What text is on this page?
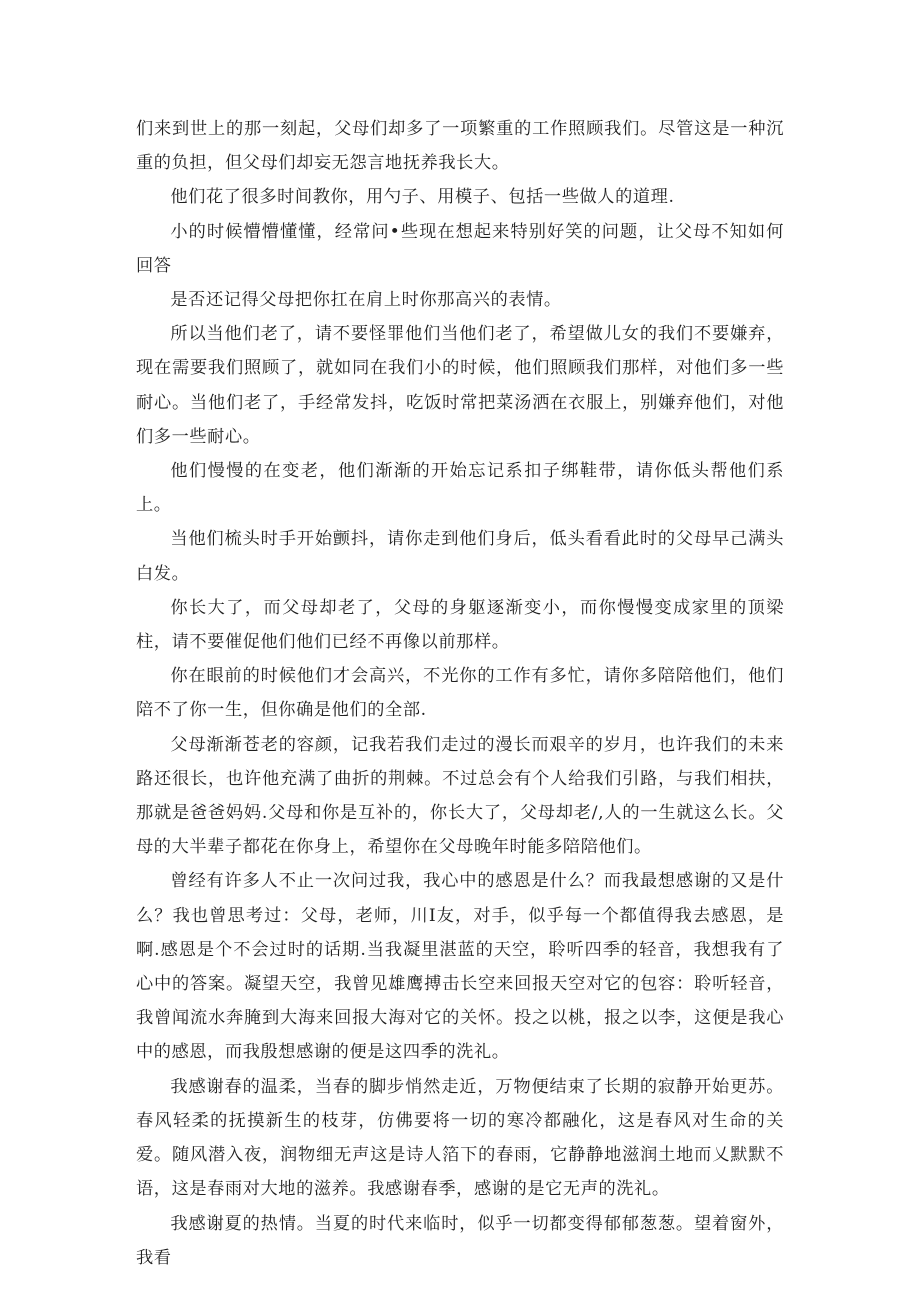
们来到世上的那一刻起，父母们却多了一项繁重的工作照顾我们。尽管这是一种沉重的负担，但父母们却妄无怨言地抚养我长大。

他们花了很多时间教你，用勺子、用模子、包括一些做人的道理.

小的时候懵懵懂懂，经常问•些现在想起来特别好笑的问题，让父母不知如何回答

是否还记得父母把你扛在肩上时你那高兴的表情。

所以当他们老了，请不要怪罪他们当他们老了，希望做儿女的我们不要嫌弃，现在需要我们照顾了，就如同在我们小的时候，他们照顾我们那样，对他们多一些耐心。当他们老了，手经常发抖，吃饭时常把菜汤洒在衣服上，别嫌弃他们，对他们多一些耐心。

他们慢慢的在变老，他们渐渐的开始忘记系扣子绑鞋带，请你低头帮他们系上。

当他们梳头时手开始颤抖，请你走到他们身后，低头看看此时的父母早己满头白发。

你长大了，而父母却老了，父母的身躯逐渐变小，而你慢慢变成家里的顶梁柱，请不要催促他们他们已经不再像以前那样。

你在眼前的时候他们才会高兴，不光你的工作有多忙，请你多陪陪他们，他们陪不了你一生，但你确是他们的全部.

父母渐渐苍老的容颜，记我若我们走过的漫长而艰辛的岁月，也许我们的未来路还很长，也许他充满了曲折的荆棘。不过总会有个人给我们引路，与我们相扶，那就是爸爸妈妈.父母和你是互补的，你长大了，父母却老/,人的一生就这么长。父母的大半辈子都花在你身上，希望你在父母晚年时能多陪陪他们。

曾经有许多人不止一次问过我，我心中的感恩是什么？而我最想感谢的又是什么？我也曾思考过：父母，老师，川Ⅰ友，对手，似乎每一个都值得我去感恩，是啊.感恩是个不会过时的话期.当我凝里湛蓝的天空，聆听四季的轻音，我想我有了心中的答案。凝望天空，我曾见雄鹰搏击长空来回报天空对它的包容：聆听轻音，我曾闻流水奔腌到大海来回报大海对它的关怀。投之以桃，报之以李，这便是我心中的感恩，而我殷想感谢的便是这四季的洗礼。

我感谢春的温柔，当春的脚步悄然走近，万物便结束了长期的寂静开始更苏。春风轻柔的抚摸新生的枝芽，仿佛要将一切的寒冷都融化，这是春风对生命的关爱。随风潜入夜，润物细无声这是诗人箔下的春雨，它静静地滋润土地而乂默默不语，这是春雨对大地的滋养。我感谢春季，感谢的是它无声的洗礼。

我感谢夏的热情。当夏的时代来临时，似乎一切都变得郁郁葱葱。望着窗外，我看
